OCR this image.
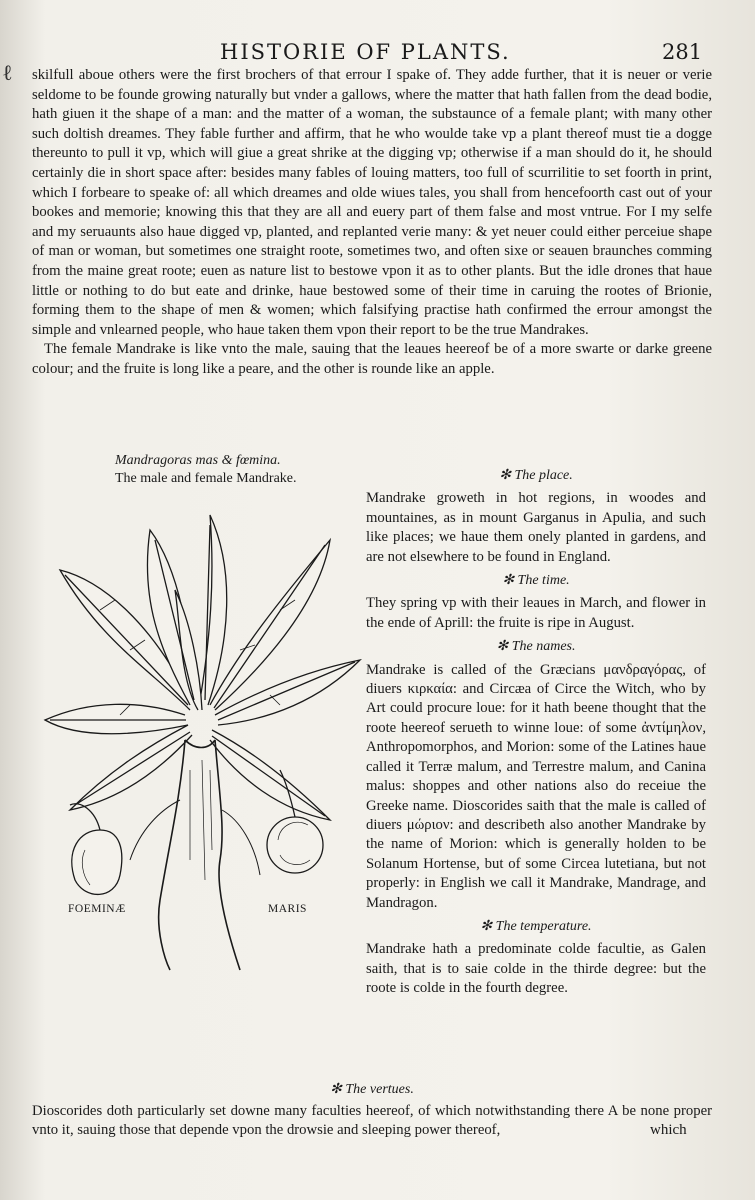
HISTORIE OF PLANTS.	281
ℓ skilfull aboue others were the first brochers of that errour I spake of. They adde further, that it is neuer or verie seldome to be founde growing naturally but vnder a gallows, where the matter that hath fallen from the dead bodie, hath giuen it the shape of a man: and the matter of a woman, the substaunce of a female plant; with many other such doltish dreames. They fable further and affirm, that he who woulde take vp a plant thereof must tie a dogge thereunto to pull it vp, which will giue a great shrike at the digging vp; otherwise if a man should do it, he should certainly die in short space after: besides many fables of louing matters, too full of scurrilitie to set foorth in print, which I forbeare to speake of: all which dreames and olde wiues tales, you shall from hencefoorth cast out of your bookes and memorie; knowing this that they are all and euery part of them false and most vntrue. For I my selfe and my seruaunts also haue digged vp, planted, and replanted verie many: & yet neuer could either perceiue shape of man or woman, but sometimes one straight roote, sometimes two, and often sixe or seauen braunches comming from the maine great roote; euen as nature list to bestowe vpon it as to other plants. But the idle drones that haue little or nothing to do but eate and drinke, haue bestowed some of their time in caruing the rootes of Brionie, forming them to the shape of men & women; which falsifying practise hath confirmed the errour amongst the simple and vnlearned people, who haue taken them vpon their report to be the true Mandrakes.

The female Mandrake is like vnto the male, sauing that the leaues heereof be of a more swarte or darke greene colour; and the fruite is long like a peare, and the other is rounde like an apple.

Mandragoras mas & fœmina.
The male and female Mandrake.
FOEMINÆ	MARIS
✻ The place.

Mandrake groweth in hot regions, in woodes and mountaines, as in mount Garganus in Apulia, and such like places; we haue them onely planted in gardens, and are not elsewhere to be found in England.

✻ The time.

They spring vp with their leaues in March, and flower in the ende of Aprill: the fruite is ripe in August.

✻ The names.

Mandrake is called of the Græcians μανδραγόρας, of diuers κιρκαία: and Circæa of Circe the Witch, who by Art could procure loue: for it hath beene thought that the roote heereof serueth to winne loue: of some ἀντίμηλον, Anthropomorphos, and Morion: some of the Latines haue called it Terræ malum, and Terrestre malum, and Canina malus: shoppes and other nations also do receiue the Greeke name. Dioscorides saith that the male is called of diuers μώριον: and describeth also another Mandrake by the name of Morion: which is generally holden to be Solanum Hortense, but of some Circea lutetiana, but not properly: in English we call it Mandrake, Mandrage, and Mandragon.

✻ The temperature.

Mandrake hath a predominate colde facultie, as Galen saith, that is to saie colde in the thirde degree: but the roote is colde in the fourth degree.

✻ The vertues.

Dioscorides doth particularly set downe many faculties heereof, of which notwithstanding there A be none proper vnto it, sauing those that depende vpon the drowsie and sleeping power thereof,	which
